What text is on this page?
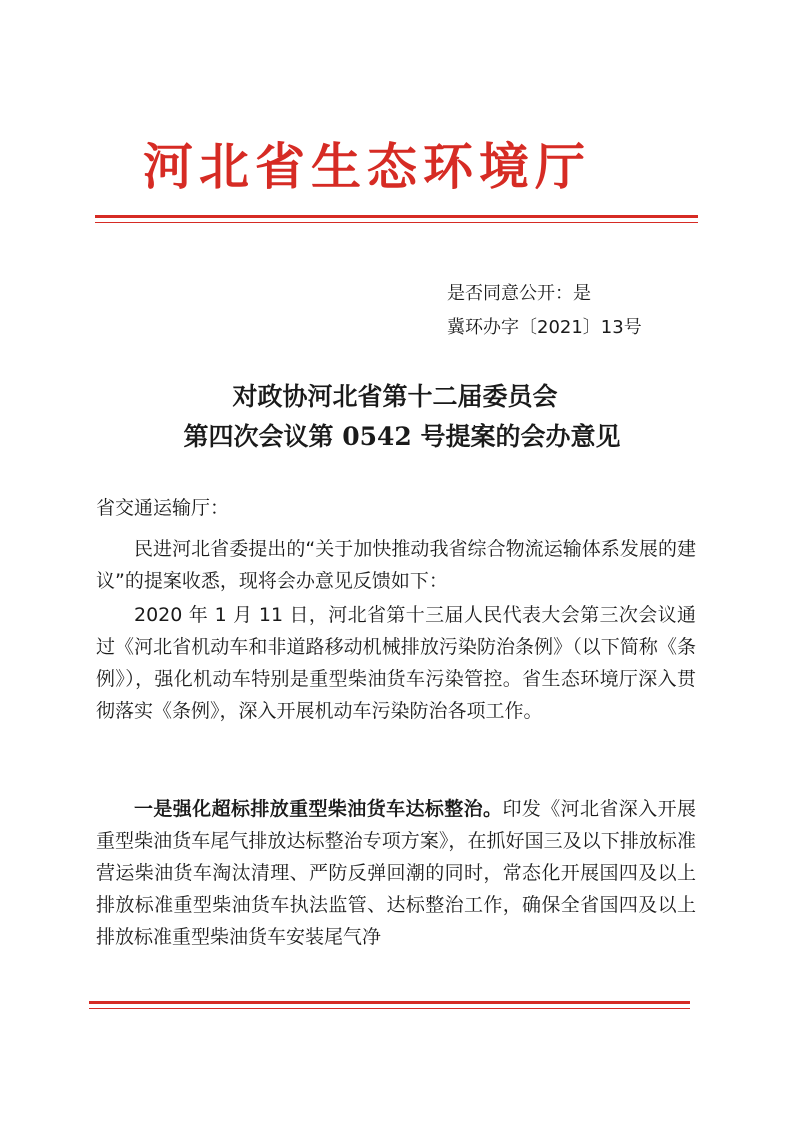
河北省生态环境厅
是否同意公开：是
冀环办字〔2021〕13号
对政协河北省第十二届委员会
第四次会议第 0542 号提案的会办意见
省交通运输厅：
民进河北省委提出的“关于加快推动我省综合物流运输体系发展的建议”的提案收悉，现将会办意见反馈如下：
2020 年 1 月 11 日，河北省第十三届人民代表大会第三次会议通过《河北省机动车和非道路移动机械排放污染防治条例》（以下简称《条例》），强化机动车特别是重型柴油货车污染管控。省生态环境厅深入贯彻落实《条例》，深入开展机动车污染防治各项工作。
一是强化超标排放重型柴油货车达标整治。印发《河北省深入开展重型柴油货车尾气排放达标整治专项方案》，在抓好国三及以下排放标准营运柴油货车淘汰清理、严防反弹回潮的同时，常态化开展国四及以上排放标准重型柴油货车执法监管、达标整治工作，确保全省国四及以上排放标准重型柴油货车安装尾气净
